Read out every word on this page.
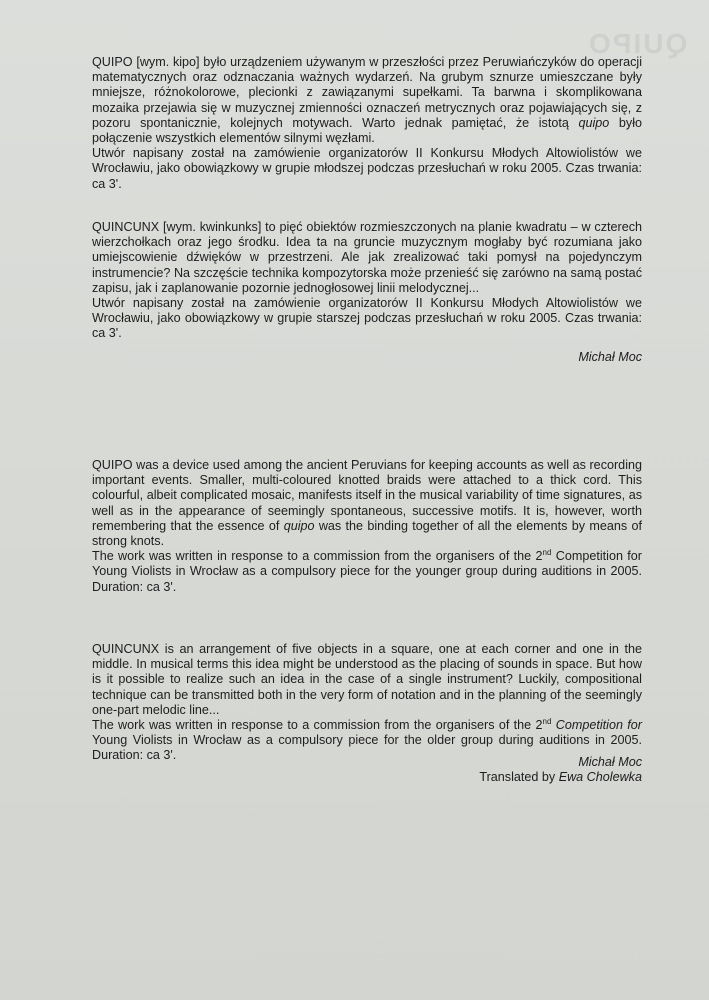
QUIPO

QUIPO [wym. kipo] było urządzeniem używanym w przeszłości przez Peruwiańczyków do operacji matematycznych oraz odznaczania ważnych wydarzeń. Na grubym sznurze umieszczane były mniejsze, różnokolorowe, plecionki z zawiązanymi supełkami. Ta barwna i skomplikowana mozaika przejawia się w muzycznej zmienności oznaczeń metrycznych oraz pojawiających się, z pozoru spontanicznie, kolejnych motywach. Warto jednak pamiętać, że istotą quipo było połączenie wszystkich elementów silnymi węzłami.

Utwór napisany został na zamówienie organizatorów II Konkursu Młodych Altowiolistów we Wrocławiu, jako obowiązkowy w grupie młodszej podczas przesłuchań w roku 2005. Czas trwania: ca 3'.

QUINCUNX [wym. kwinkunks] to pięć obiektów rozmieszczonych na planie kwadratu – w czterech wierzchołkach oraz jego środku. Idea ta na gruncie muzycznym mogłaby być rozumiana jako umiejscowienie dźwięków w przestrzeni. Ale jak zrealizować taki pomysł na pojedynczym instrumencie? Na szczęście technika kompozytorska może przenieść się zarówno na samą postać zapisu, jak i zaplanowanie pozornie jednogłosowej linii melodycznej...

Utwór napisany został na zamówienie organizatorów II Konkursu Młodych Altowiolistów we Wrocławiu, jako obowiązkowy w grupie starszej podczas przesłuchań w roku 2005. Czas trwania: ca 3'.

Michał Moc

QUIPO was a device used among the ancient Peruvians for keeping accounts as well as recording important events. Smaller, multi-coloured knotted braids were attached to a thick cord. This colourful, albeit complicated mosaic, manifests itself in the musical variability of time signatures, as well as in the appearance of seemingly spontaneous, successive motifs. It is, however, worth remembering that the essence of quipo was the binding together of all the elements by means of strong knots.

The work was written in response to a commission from the organisers of the 2nd Competition for Young Violists in Wrocław as a compulsory piece for the younger group during auditions in 2005. Duration: ca 3'.

QUINCUNX is an arrangement of five objects in a square, one at each corner and one in the middle. In musical terms this idea might be understood as the placing of sounds in space. But how is it possible to realize such an idea in the case of a single instrument? Luckily, compositional technique can be transmitted both in the very form of notation and in the planning of the seemingly one-part melodic line...

The work was written in response to a commission from the organisers of the 2nd Competition for Young Violists in Wrocław as a compulsory piece for the older group during auditions in 2005. Duration: ca 3'.	Michał Moc
Translated by Ewa Cholewka
